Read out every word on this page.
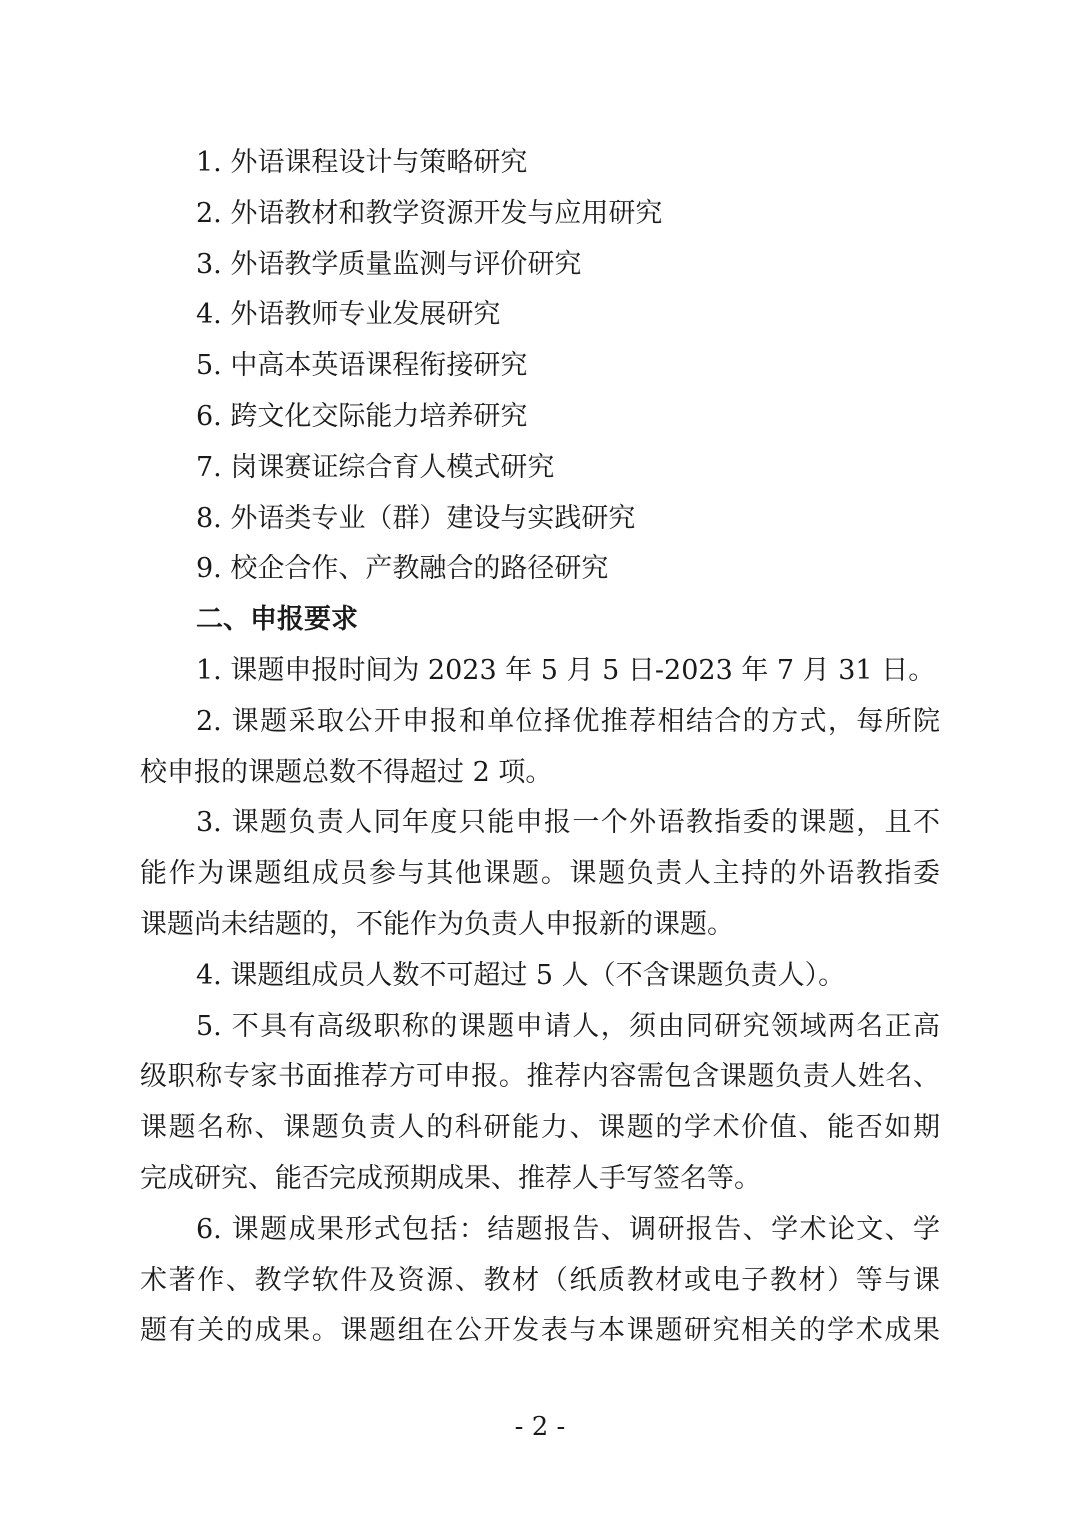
1. 外语课程设计与策略研究
2. 外语教材和教学资源开发与应用研究
3. 外语教学质量监测与评价研究
4. 外语教师专业发展研究
5. 中高本英语课程衔接研究
6. 跨文化交际能力培养研究
7. 岗课赛证综合育人模式研究
8. 外语类专业（群）建设与实践研究
9. 校企合作、产教融合的路径研究
二、申报要求
1. 课题申报时间为 2023 年 5 月 5 日-2023 年 7 月 31 日。
2. 课题采取公开申报和单位择优推荐相结合的方式，每所院
校申报的课题总数不得超过 2 项。
3. 课题负责人同年度只能申报一个外语教指委的课题，且不
能作为课题组成员参与其他课题。课题负责人主持的外语教指委
课题尚未结题的，不能作为负责人申报新的课题。
4. 课题组成员人数不可超过 5 人（不含课题负责人）。
5. 不具有高级职称的课题申请人，须由同研究领域两名正高
级职称专家书面推荐方可申报。推荐内容需包含课题负责人姓名、
课题名称、课题负责人的科研能力、课题的学术价值、能否如期
完成研究、能否完成预期成果、推荐人手写签名等。
6. 课题成果形式包括：结题报告、调研报告、学术论文、学
术著作、教学软件及资源、教材（纸质教材或电子教材）等与课
题有关的成果。课题组在公开发表与本课题研究相关的学术成果
- 2 -
